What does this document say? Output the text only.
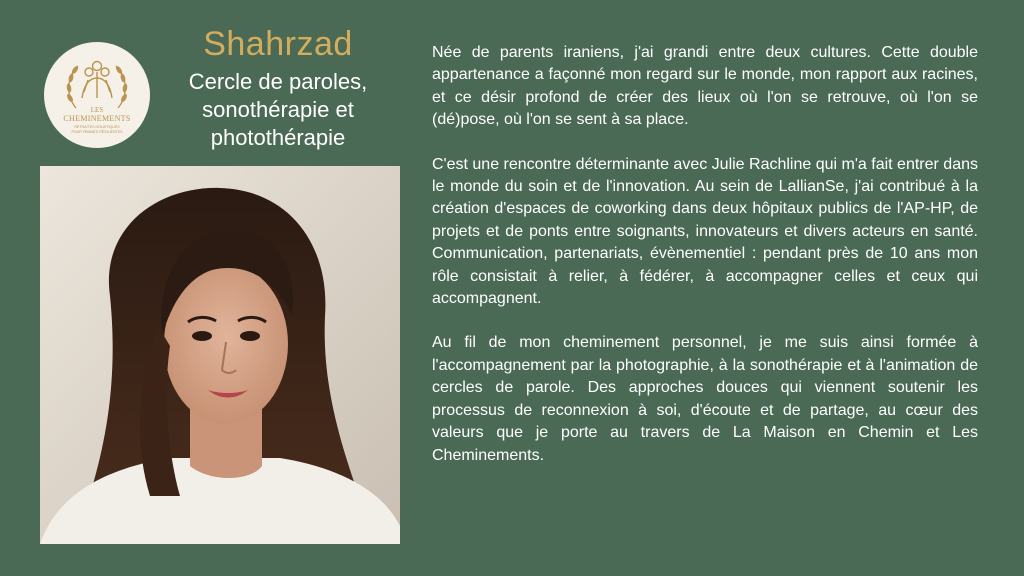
LES
CHEMINEMENTS
RETRAITES HOLISTIQUES
POUR FEMMES RÉSILIENTES
Shahrzad
Cercle de paroles,
sonothérapie et
photothérapie

Née de parents iraniens, j'ai grandi entre deux cultures. Cette double appartenance a façonné mon regard sur le monde, mon rapport aux racines, et ce désir profond de créer des lieux où l'on se retrouve, où l'on se (dé)pose, où l'on se sent à sa place.

C'est une rencontre déterminante avec Julie Rachline qui m'a fait entrer dans le monde du soin et de l'innovation. Au sein de LallianSe, j'ai contribué à la création d'espaces de coworking dans deux hôpitaux publics de l'AP-HP, de projets et de ponts entre soignants, innovateurs et divers acteurs en santé. Communication, partenariats, évènementiel : pendant près de 10 ans mon rôle consistait à relier, à fédérer, à accompagner celles et ceux qui accompagnent.

Au fil de mon cheminement personnel, je me suis ainsi formée à l'accompagnement par la photographie, à la sonothérapie et à l'animation de cercles de parole. Des approches douces qui viennent soutenir les processus de reconnexion à soi, d'écoute et de partage, au cœur des valeurs que je porte au travers de La Maison en Chemin et Les Cheminements.
